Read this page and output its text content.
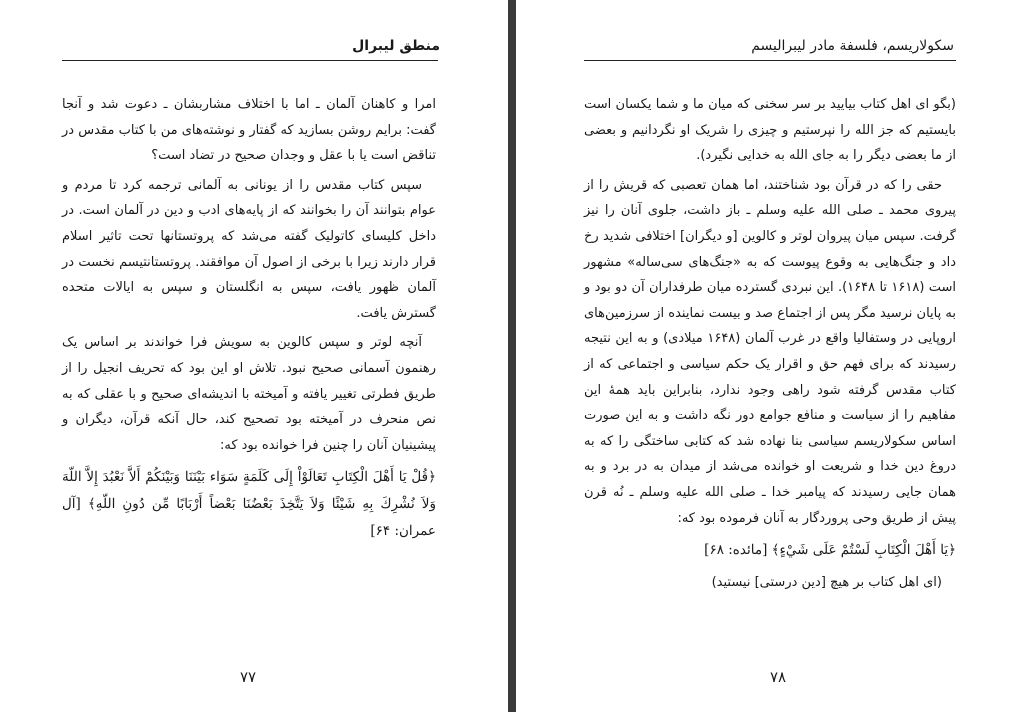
منطق لیبرال

امرا و کاهنان آلمان ـ اما با اختلاف مشاربشان ـ دعوت شد و آنجا گفت: برایم روشن بسازید که گفتار و نوشته‌های من با کتاب مقدس در تناقض است یا با عقل و وجدان صحیح در تضاد است؟

سپس کتاب مقدس را از یونانی به آلمانی ترجمه کرد تا مردم و عوام بتوانند آن را بخوانند که از پایه‌های ادب و دین در آلمان است. در داخل کلیسای کاتولیک گفته می‌شد که پروتستانها تحت تاثیر اسلام قرار دارند زیرا با برخی از اصول آن موافقند. پروتستانتیسم نخست در آلمان ظهور یافت، سپس به انگلستان و سپس به ایالات متحده گسترش یافت.

آنچه لوتر و سپس کالوین به سویش فرا خواندند بر اساس یک رهنمون آسمانی صحیح نبود. تلاش او این بود که تحریف انجیل را از طریق فطرتی تغییر یافته و آمیخته با اندیشه‌ای صحیح و با عقلی که به نص منحرف در آمیخته بود تصحیح کند، حال آنکه قرآن، دیگران و پیشینیان آنان را چنین فرا خوانده بود که:

﴿قُلْ يَا أَهْلَ الْكِتَابِ تَعَالَوْاْ إِلَى كَلَمَةٍ سَوَاء بَيْنَنَا وَبَيْنَكُمْ أَلاَّ نَعْبُدَ إِلاَّ اللّهَ وَلاَ نُشْرِكَ بِهِ شَيْئًا وَلاَ يَتَّخِذَ بَعْضُنَا بَعْضاً أَرْبَابًا مِّن دُونِ اللّهِ﴾ [آل عمران: ۶۴]

۷۷
سکولاریسم، فلسفة مادر لیبرالیسم

(بگو ای اهل کتاب بیایید بر سر سخنی که میان ما و شما یکسان است بایستیم که جز الله را نپرستیم و چیزی را شریک او نگردانیم و بعضی از ما بعضی دیگر را به جای الله به خدایی نگیرد).

حقی را که در قرآن بود شناختند، اما همان تعصبی که قریش را از پیروی محمد ـ صلی الله علیه وسلم ـ باز داشت، جلوی آنان را نیز گرفت. سپس میان پیروان لوتر و کالوین [و دیگران] اختلافی شدید رخ داد و جنگ‌هایی به وقوع پیوست که به «جنگ‌های سی‌ساله» مشهور است (۱۶۱۸ تا ۱۶۴۸). این نبردی گسترده میان طرفداران آن دو بود و به پایان نرسید مگر پس از اجتماع صد و بیست نماینده از سرزمین‌های اروپایی در وستفالیا واقع در غرب آلمان (۱۶۴۸ میلادی) و به این نتیجه رسیدند که برای فهم حق و اقرار یک حکم سیاسی و اجتماعی که از کتاب مقدس گرفته شود راهی وجود ندارد، بنابراین باید همهٔ این مفاهیم را از سیاست و منافع جوامع دور نگه داشت و به این صورت اساس سکولاریسم سیاسی بنا نهاده شد که کتابی ساختگی را که به دروغ دین خدا و شریعت او خوانده می‌شد از میدان به در برد و به همان جایی رسیدند که پیامبر خدا ـ صلی الله علیه وسلم ـ نُه قرن پیش از طریق وحی پروردگار به آنان فرموده بود که:

﴿يَا أَهْلَ الْكِتَابِ لَسْتُمْ عَلَى شَيْءٍ﴾ [مائده: ۶۸]

(ای اهل کتاب بر هیچ [دین درستی] نیستید)

۷۸
